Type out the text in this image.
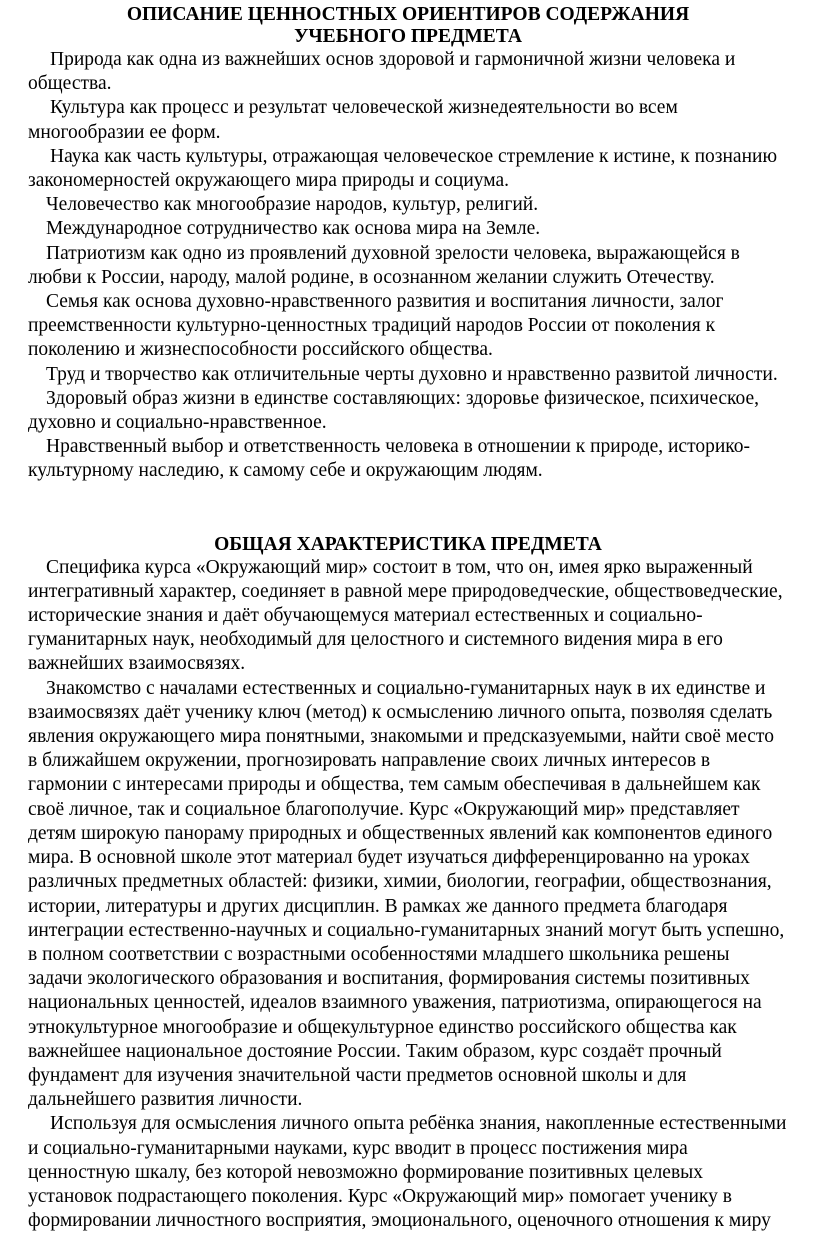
ОПИСАНИЕ ЦЕННОСТНЫХ ОРИЕНТИРОВ СОДЕРЖАНИЯ
УЧЕБНОГО ПРЕДМЕТА

Природа как одна из важнейших основ здоровой и гармоничной жизни человека и общества.

Культура как процесс и результат человеческой жизнедеятельности во всем многообразии ее форм.

Наука как часть культуры, отражающая человеческое стремление к истине, к познанию закономерностей окружающего мира природы и социума.

Человечество как многообразие народов, культур, религий.

Международное сотрудничество как основа мира на Земле.

Патриотизм как одно из проявлений духовной зрелости человека, выражающейся в любви к России, народу, малой родине, в осознанном желании служить Отечеству.

Семья как основа духовно-нравственного развития и воспитания личности, залог преемственности культурно-ценностных традиций народов России от поколения к поколению и жизнеспособности российского общества.

Труд и творчество как отличительные черты духовно и нравственно развитой личности.

Здоровый образ жизни в единстве составляющих: здоровье физическое, психическое, духовно и социально-нравственное.

Нравственный выбор и ответственность человека в отношении к природе, историко-культурному наследию, к самому себе и окружающим людям.

ОБЩАЯ ХАРАКТЕРИСТИКА ПРЕДМЕТА

Специфика курса «Окружающий мир» состоит в том, что он, имея ярко выраженный интегративный характер, соединяет в равной мере природоведческие, обществоведческие, исторические знания и даёт обучающемуся материал естественных и социально-гуманитарных наук, необходимый для целостного и системного видения мира в его важнейших взаимосвязях.

Знакомство с началами естественных и социально-гуманитарных наук в их единстве и взаимосвязях даёт ученику ключ (метод) к осмыслению личного опыта, позволяя сделать явления окружающего мира понятными, знакомыми и предсказуемыми, найти своё место в ближайшем окружении, прогнозировать направление своих личных интересов в гармонии с интересами природы и общества, тем самым обеспечивая в дальнейшем как своё личное, так и социальное благополучие. Курс «Окружающий мир» представляет детям широкую панораму природных и общественных явлений как компонентов единого мира. В основной школе этот материал будет изучаться дифференцированно на уроках различных предметных областей: физики, химии, биологии, географии, обществознания, истории, литературы и других дисциплин. В рамках же данного предмета благодаря интеграции естественно-научных и социально-гуманитарных знаний могут быть успешно, в полном соответствии с возрастными особенностями младшего школьника решены задачи экологического образования и воспитания, формирования системы позитивных национальных ценностей, идеалов взаимного уважения, патриотизма, опирающегося на этнокультурное многообразие и общекультурное единство российского общества как важнейшее национальное достояние России. Таким образом, курс создаёт прочный фундамент для изучения значительной части предметов основной школы и для дальнейшего развития личности.

Используя для осмысления личного опыта ребёнка знания, накопленные естественными и социально-гуманитарными науками, курс вводит в процесс постижения мира ценностную шкалу, без которой невозможно формирование позитивных целевых установок подрастающего поколения. Курс «Окружающий мир» помогает ученику в формировании личностного восприятия, эмоционального, оценочного отношения к миру
